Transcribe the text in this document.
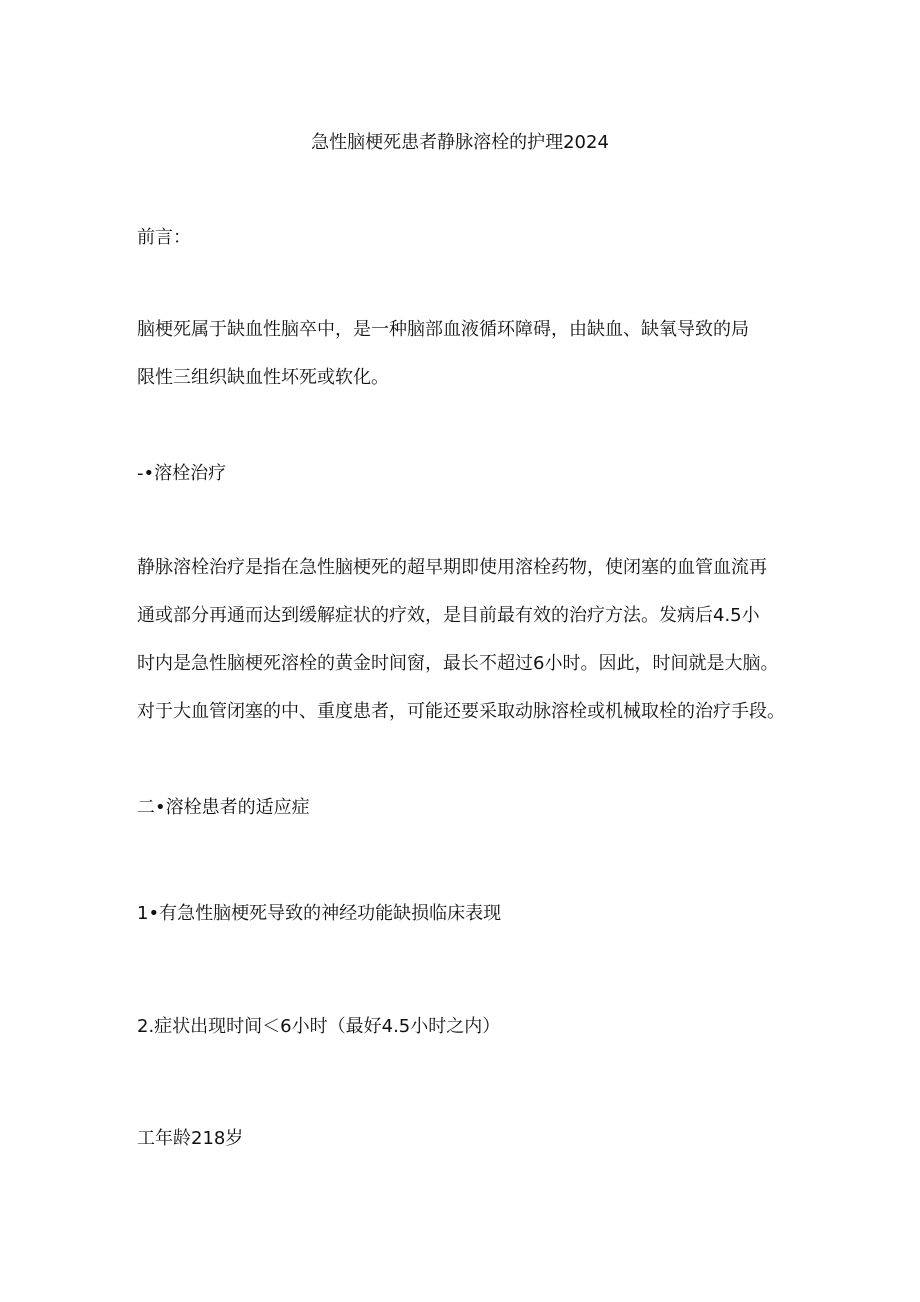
急性脑梗死患者静脉溶栓的护理2024
前言：
脑梗死属于缺血性脑卒中，是一种脑部血液循环障碍，由缺血、缺氧导致的局
限性三组织缺血性坏死或软化。
-•溶栓治疗
静脉溶栓治疗是指在急性脑梗死的超早期即使用溶栓药物，使闭塞的血管血流再
通或部分再通而达到缓解症状的疗效，是目前最有效的治疗方法。发病后4.5小
时内是急性脑梗死溶栓的黄金时间窗，最长不超过6小时。因此，时间就是大脑。
对于大血管闭塞的中、重度患者，可能还要采取动脉溶栓或机械取栓的治疗手段。
二•溶栓患者的适应症
1•有急性脑梗死导致的神经功能缺损临床表现
2.症状出现时间＜6小时（最好4.5小时之内）
工年龄218岁
